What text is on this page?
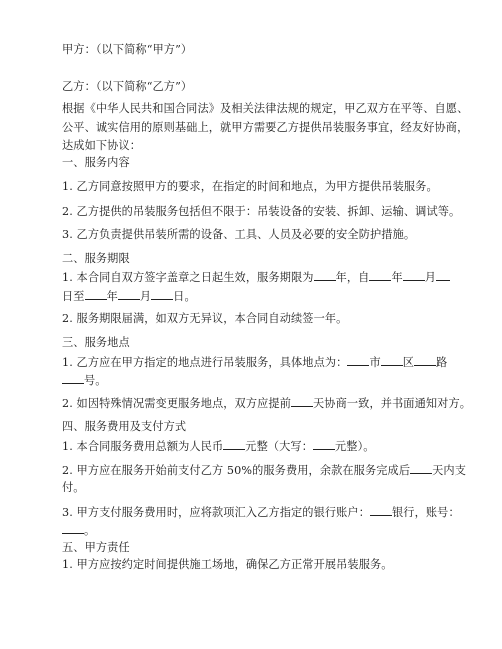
甲方：（以下简称“甲方”）
乙方：（以下简称“乙方”）
根据《中华人民共和国合同法》及相关法律法规的规定，甲乙双方在平等、自愿、
公平、诚实信用的原则基础上，就甲方需要乙方提供吊装服务事宜，经友好协商，
达成如下协议：
一、服务内容
1. 乙方同意按照甲方的要求，在指定的时间和地点，为甲方提供吊装服务。
2. 乙方提供的吊装服务包括但不限于：吊装设备的安装、拆卸、运输、调试等。
3. 乙方负责提供吊装所需的设备、工具、人员及必要的安全防护措施。
二、服务期限
1. 本合同自双方签字盖章之日起生效，服务期限为 年，自 年 月
日至 年 月 日。
2. 服务期限届满，如双方无异议，本合同自动续签一年。
三、服务地点
1. 乙方应在甲方指定的地点进行吊装服务，具体地点为： 市 区 路
号。
2. 如因特殊情况需变更服务地点，双方应提前 天协商一致，并书面通知对方。
四、服务费用及支付方式
1. 本合同服务费用总额为人民币 元整（大写： 元整）。
2. 甲方应在服务开始前支付乙方 50%的服务费用，余款在服务完成后 天内支
付。
3. 甲方支付服务费用时，应将款项汇入乙方指定的银行账户： 银行，账号：
。
五、甲方责任
1. 甲方应按约定时间提供施工场地，确保乙方正常开展吊装服务。
